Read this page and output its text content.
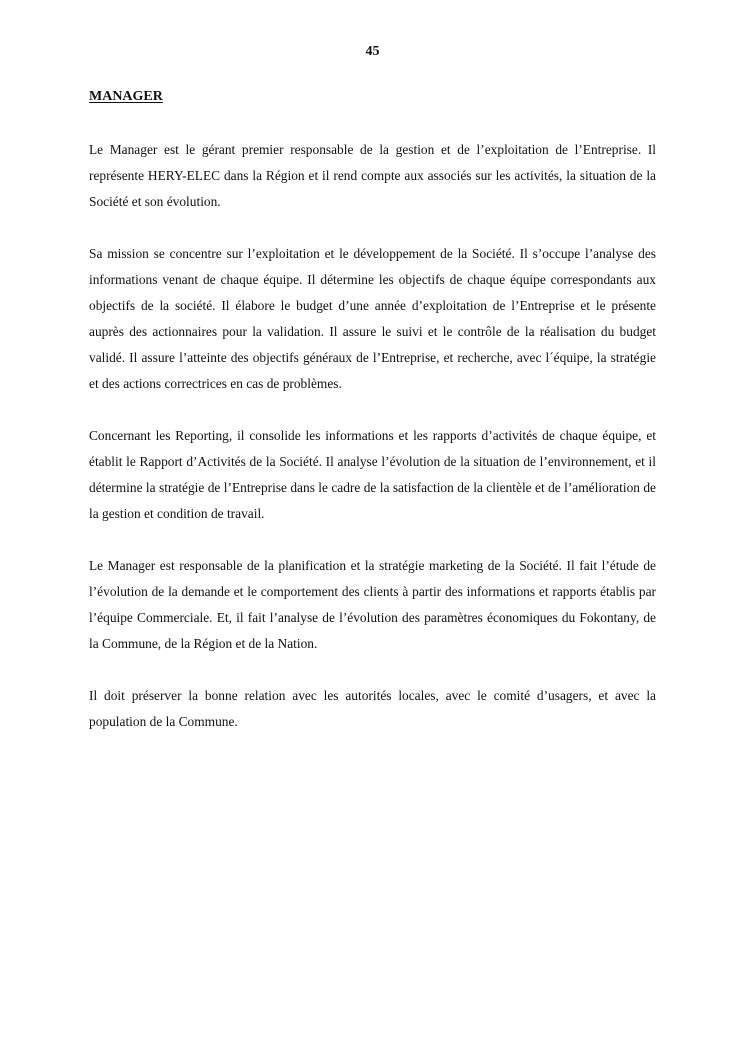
45
MANAGER

Le Manager est le gérant premier responsable de la gestion et de l’exploitation de l’Entreprise. Il représente HERY-ELEC dans la Région et il rend compte aux associés sur les activités, la situation de la Société et son évolution.

Sa mission se concentre sur l’exploitation et le développement de la Société. Il s’occupe l’analyse des informations venant de chaque équipe. Il détermine les objectifs de chaque équipe correspondants aux objectifs de la société. Il élabore le budget d’une année d’exploitation de l’Entreprise et le présente auprès des actionnaires pour la validation. Il assure le suivi et le contrôle de la réalisation du budget validé. Il assure l’atteinte des objectifs généraux de l’Entreprise, et recherche, avec l´équipe, la stratégie et des actions correctrices en cas de problèmes.

Concernant les Reporting, il consolide les informations et les rapports d’activités de chaque équipe, et établit le Rapport d’Activités de la Société. Il analyse l’évolution de la situation de l’environnement, et il détermine la stratégie de l’Entreprise dans le cadre de la satisfaction de la clientèle et de l’amélioration de la gestion et condition de travail.

Le Manager est responsable de la planification et la stratégie marketing de la Société. Il fait l’étude de l’évolution de la demande et le comportement des clients à partir des informations et rapports établis par l’équipe Commerciale. Et, il fait l’analyse de l’évolution des paramètres économiques du Fokontany, de la Commune, de la Région et de la Nation.

Il doit préserver la bonne relation avec les autorités locales, avec le comité d’usagers, et avec la population de la Commune.
